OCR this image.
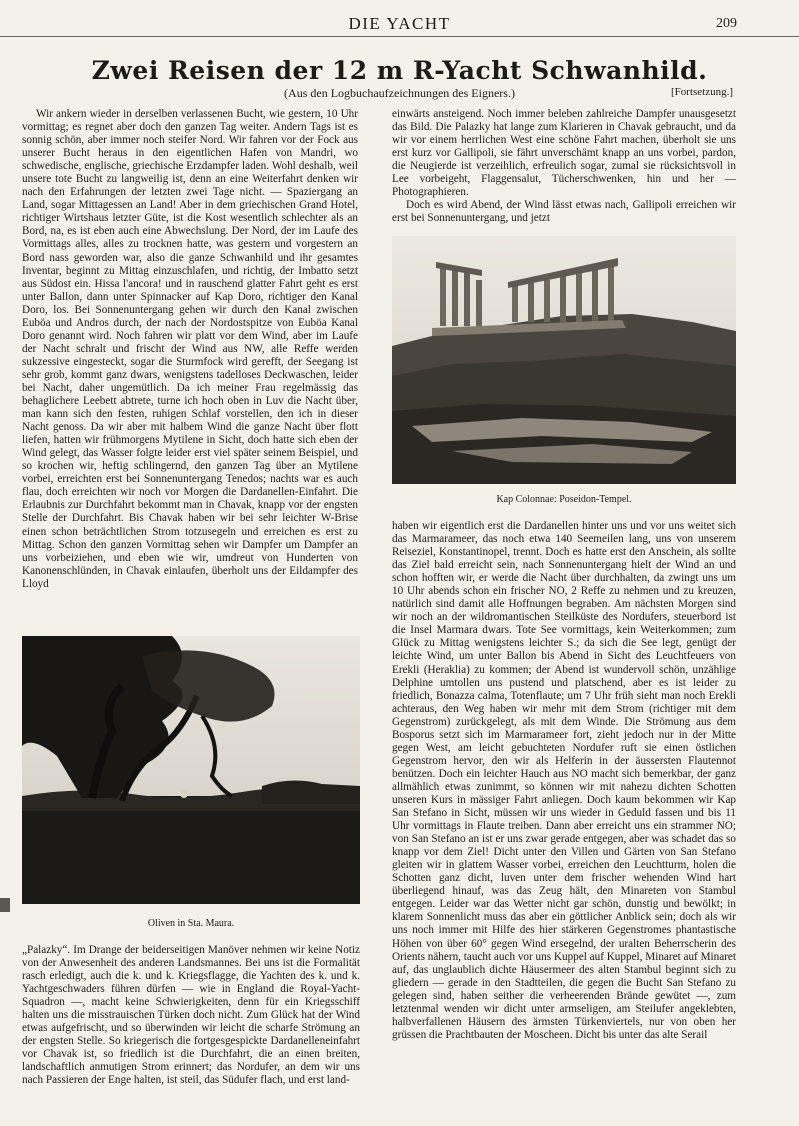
DIE YACHT	209
Zwei Reisen der 12 m R-Yacht Schwanhild.
(Aus den Logbuchaufzeichnungen des Eigners.)	[Fortsetzung.]

Wir ankern wieder in derselben verlassenen Bucht, wie gestern, 10 Uhr vormittag; es regnet aber doch den ganzen Tag weiter. Andern Tags ist es sonnig schön, aber immer noch steifer Nord. Wir fahren vor der Fock aus unserer Bucht heraus in den eigentlichen Hafen von Mandri, wo schwedische, englische, griechische Erzdampfer laden. Wohl deshalb, weil unsere tote Bucht zu langweilig ist, denn an eine Weiterfahrt denken wir nach den Erfahrungen der letzten zwei Tage nicht. — Spaziergang an Land, sogar Mittagessen an Land! Aber in dem griechischen Grand Hotel, richtiger Wirtshaus letzter Güte, ist die Kost wesentlich schlechter als an Bord, na, es ist eben auch eine Abwechslung. Der Nord, der im Laufe des Vormittags alles, alles zu trocknen hatte, was gestern und vorgestern an Bord nass geworden war, also die ganze Schwanhild und ihr gesamtes Inventar, beginnt zu Mittag einzuschlafen, und richtig, der Imbatto setzt aus Südost ein. Hissa l'ancora! und in rauschend glatter Fahrt geht es erst unter Ballon, dann unter Spinnacker auf Kap Doro, richtiger den Kanal Doro, los. Bei Sonnenuntergang gehen wir durch den Kanal zwischen Euböa und Andros durch, der nach der Nordostspitze von Euböa Kanal Doro genannt wird. Noch fahren wir platt vor dem Wind, aber im Laufe der Nacht schralt und frischt der Wind aus NW, alle Reffe werden sukzessive eingesteckt, sogar die Sturmfock wird gerefft, der Seegang ist sehr grob, kommt ganz dwars, wenigstens tadelloses Deckwaschen, leider bei Nacht, daher ungemütlich. Da ich meiner Frau regelmässig das behaglichere Leebett abtrete, turne ich hoch oben in Luv die Nacht über, man kann sich den festen, ruhigen Schlaf vorstellen, den ich in dieser Nacht genoss. Da wir aber mit halbem Wind die ganze Nacht über flott liefen, hatten wir frühmorgens Mytilene in Sicht, doch hatte sich eben der Wind gelegt, das Wasser folgte leider erst viel später seinem Beispiel, und so krochen wir, heftig schlingernd, den ganzen Tag über an Mytilene vorbei, erreichten erst bei Sonnenuntergang Tenedos; nachts war es auch flau, doch erreichten wir noch vor Morgen die Dardanellen-Einfahrt. Die Erlaubnis zur Durchfahrt bekommt man in Chavak, knapp vor der engsten Stelle der Durchfahrt. Bis Chavak haben wir bei sehr leichter W-Brise einen schon beträchtlichen Strom totzusegeln und erreichen es erst zu Mittag. Schon den ganzen Vormittag sehen wir Dampfer um Dampfer an uns vorbeiziehen, und eben wie wir, umdreut von Hunderten von Kanonenschlünden, in Chavak einlaufen, überholt uns der Eildampfer des Lloyd

Oliven in Sta. Maura.

„Palazky“. Im Drange der beiderseitigen Manöver nehmen wir keine Notiz von der Anwesenheit des anderen Landsmannes. Bei uns ist die Formalität rasch erledigt, auch die k. und k. Kriegsflagge, die Yachten des k. und k. Yachtgeschwaders führen dürfen — wie in England die Royal-Yacht-Squadron —, macht keine Schwierigkeiten, denn für ein Kriegsschiff halten uns die misstrauischen Türken doch nicht. Zum Glück hat der Wind etwas aufgefrischt, und so überwinden wir leicht die scharfe Strömung an der engsten Stelle. So kriegerisch die fortgesgespickte Dardanelleneinfahrt vor Chavak ist, so friedlich ist die Durchfahrt, die an einen breiten, landschaftlich anmutigen Strom erinnert; das Nordufer, an dem wir uns nach Passieren der Enge halten, ist steil, das Südufer flach, und erst land-

einwärts ansteigend. Noch immer beleben zahlreiche Dampfer unausgesetzt das Bild. Die Palazky hat lange zum Klarieren in Chavak gebraucht, und da wir vor einem herrlichen West eine schöne Fahrt machen, überholt sie uns erst kurz vor Gallipoli, sie fährt unverschämt knapp an uns vorbei, pardon, die Neugierde ist verzeihlich, erfreulich sogar, zumal sie rücksichtsvoll in Lee vorbeigeht, Flaggensalut, Tücherschwenken, hin und her — Photographieren.

Doch es wird Abend, der Wind lässt etwas nach, Gallipoli erreichen wir erst bei Sonnenuntergang, und jetzt

Kap Colonnae: Poseidon-Tempel.

haben wir eigentlich erst die Dardanellen hinter uns und vor uns weitet sich das Marmarameer, das noch etwa 140 Seemeilen lang, uns von unserem Reiseziel, Konstantinopel, trennt. Doch es hatte erst den Anschein, als sollte das Ziel bald erreicht sein, nach Sonnenuntergang hielt der Wind an und schon hofften wir, er werde die Nacht über durchhalten, da zwingt uns um 10 Uhr abends schon ein frischer NO, 2 Reffe zu nehmen und zu kreuzen, natürlich sind damit alle Hoffnungen begraben. Am nächsten Morgen sind wir noch an der wildromantischen Steilküste des Nordufers, steuerbord ist die Insel Marmara dwars. Tote See vormittags, kein Weiterkommen; zum Glück zu Mittag wenigstens leichter S.; da sich die See legt, genügt der leichte Wind, um unter Ballon bis Abend in Sicht des Leuchtfeuers von Erekli (Heraklia) zu kommen; der Abend ist wundervoll schön, unzählige Delphine umtollen uns pustend und platschend, aber es ist leider zu friedlich, Bonazza calma, Totenflaute; um 7 Uhr früh sieht man noch Erekli achteraus, den Weg haben wir mehr mit dem Strom (richtiger mit dem Gegenstrom) zurückgelegt, als mit dem Winde. Die Strömung aus dem Bosporus setzt sich im Marmarameer fort, zieht jedoch nur in der Mitte gegen West, am leicht gebuchteten Nordufer ruft sie einen östlichen Gegenstrom hervor, den wir als Helferin in der äussersten Flautennot benützen. Doch ein leichter Hauch aus NO macht sich bemerkbar, der ganz allmählich etwas zunimmt, so können wir mit nahezu dichten Schotten unseren Kurs in mässiger Fahrt anliegen. Doch kaum bekommen wir Kap San Stefano in Sicht, müssen wir uns wieder in Geduld fassen und bis 11 Uhr vormittags in Flaute treiben. Dann aber erreicht uns ein strammer NO; von San Stefano an ist er uns zwar gerade entgegen, aber was schadet das so knapp vor dem Ziel! Dicht unter den Villen und Gärten von San Stefano gleiten wir in glattem Wasser vorbei, erreichen den Leuchtturm, holen die Schotten ganz dicht, luven unter dem frischer wehenden Wind hart überliegend hinauf, was das Zeug hält, den Minareten von Stambul entgegen. Leider war das Wetter nicht gar schön, dunstig und bewölkt; in klarem Sonnenlicht muss das aber ein göttlicher Anblick sein; doch als wir uns noch immer mit Hilfe des hier stärkeren Gegenstromes phantastische Höhen von über 60° gegen Wind ersegelnd, der uralten Beherrscherin des Orients nähern, taucht auch vor uns Kuppel auf Kuppel, Minaret auf Minaret auf, das unglaublich dichte Häusermeer des alten Stambul beginnt sich zu gliedern — gerade in den Stadtteilen, die gegen die Bucht San Stefano zu gelegen sind, haben seither die verheerenden Brände gewütet —, zum letztenmal wenden wir dicht unter armseligen, am Steilufer angeklebten, halbverfallenen Häusern des ärmsten Türkenviertels, nur von oben her grüssen die Prachtbauten der Moscheen. Dicht bis unter das alte Serail
